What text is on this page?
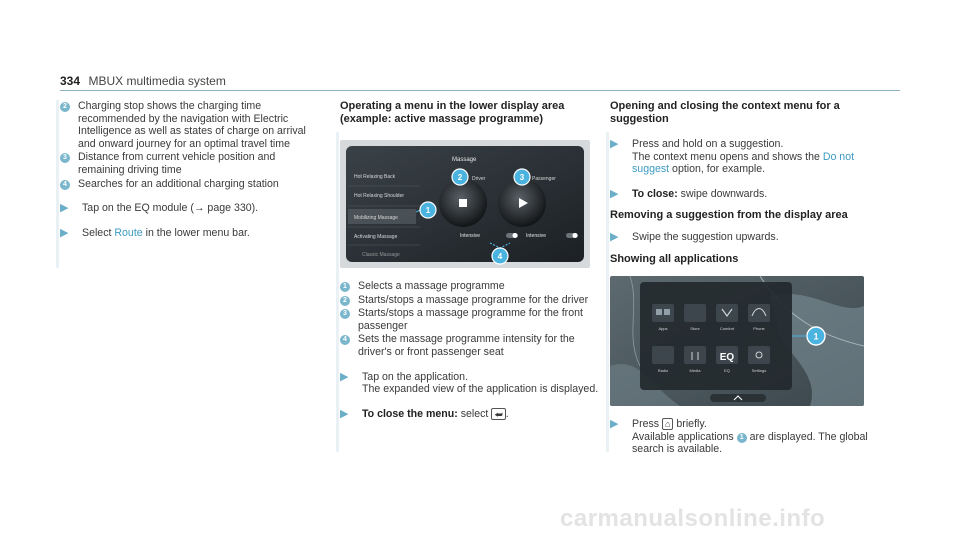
334 MBUX multimedia system
2	Charging stop shows the charging time recommended by the navigation with Electric Intelligence as well as states of charge on arrival and onward journey for an optimal travel time
3	Distance from current vehicle position and remaining driving time
4	Searches for an additional charging station
▶	Tap on the EQ module (→ page 330).
▶	Select Route in the lower menu bar.
Operating a menu in the lower display area (example: active massage programme)
Massage
Hot Relaxing Back
Hot Relaxing Shoulder
Mobilizing Massage
Activating Massage
Classic Massage
Driver	Passenger
Intensive	Intensive
1
2	3
4
1	Selects a massage programme
2	Starts/stops a massage programme for the driver
3	Starts/stops a massage programme for the front passenger
4	Sets the massage programme intensity for the driver's or front passenger seat
▶	Tap on the application.
The expanded view of the application is displayed.
▶	To close the menu: select ⮨ .
Opening and closing the context menu for a suggestion
▶	Press and hold on a suggestion.
The context menu opens and shows the Do not suggest option, for example.
▶	To close: swipe downwards.
Removing a suggestion from the display area
▶	Swipe the suggestion upwards.
Showing all applications
Apps	Store	Comfort	Phone
Radio	Media
EQ
EQ	Settings
1
▶	Press ⌂ briefly.
Available applications 1 are displayed. The global search is available.
carmanualsonline.info
